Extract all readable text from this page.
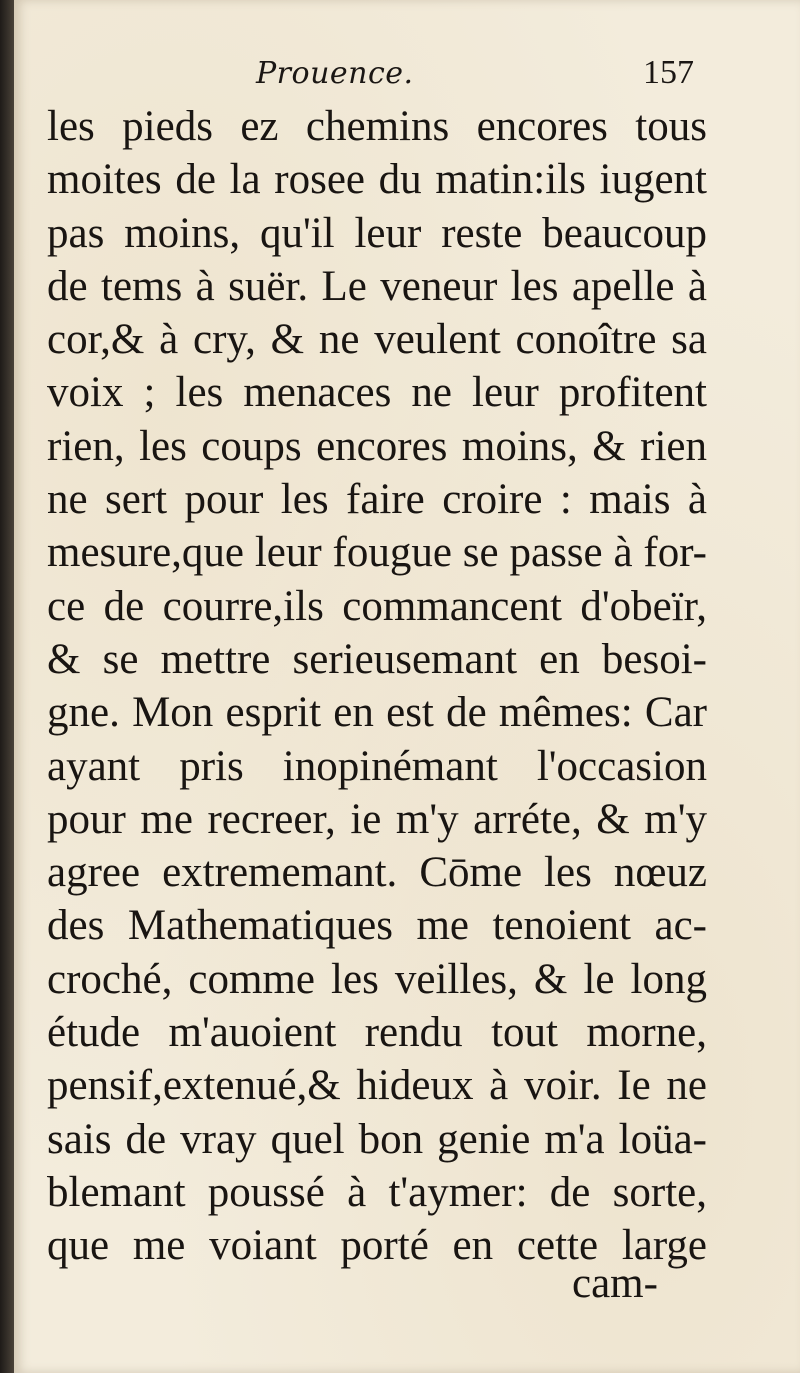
Prouence.	157
les pieds ez chemins encores tous
moites de la rosee du matin:ils iugent
pas moins, qu'il leur reste beaucoup
de tems à suër. Le veneur les apelle à
cor,& à cry, & ne veulent conoître sa
voix ; les menaces ne leur profitent
rien, les coups encores moins, & rien
ne sert pour les faire croire : mais à
mesure,que leur fougue se passe à for-
ce de courre,ils commancent d'obeïr,
& se mettre serieusemant en besoi-
gne. Mon esprit en est de mêmes: Car
ayant pris inopinémant l'occasion
pour me recreer, ie m'y arréte, & m'y
agree extrememant. Cōme les nœuz
des Mathematiques me tenoient ac-
croché, comme les veilles, & le long
étude m'auoient rendu tout morne,
pensif,extenué,& hideux à voir. Ie ne
sais de vray quel bon genie m'a loüa-
blemant poussé à t'aymer: de sorte,
que me voiant porté en cette large
cam-
